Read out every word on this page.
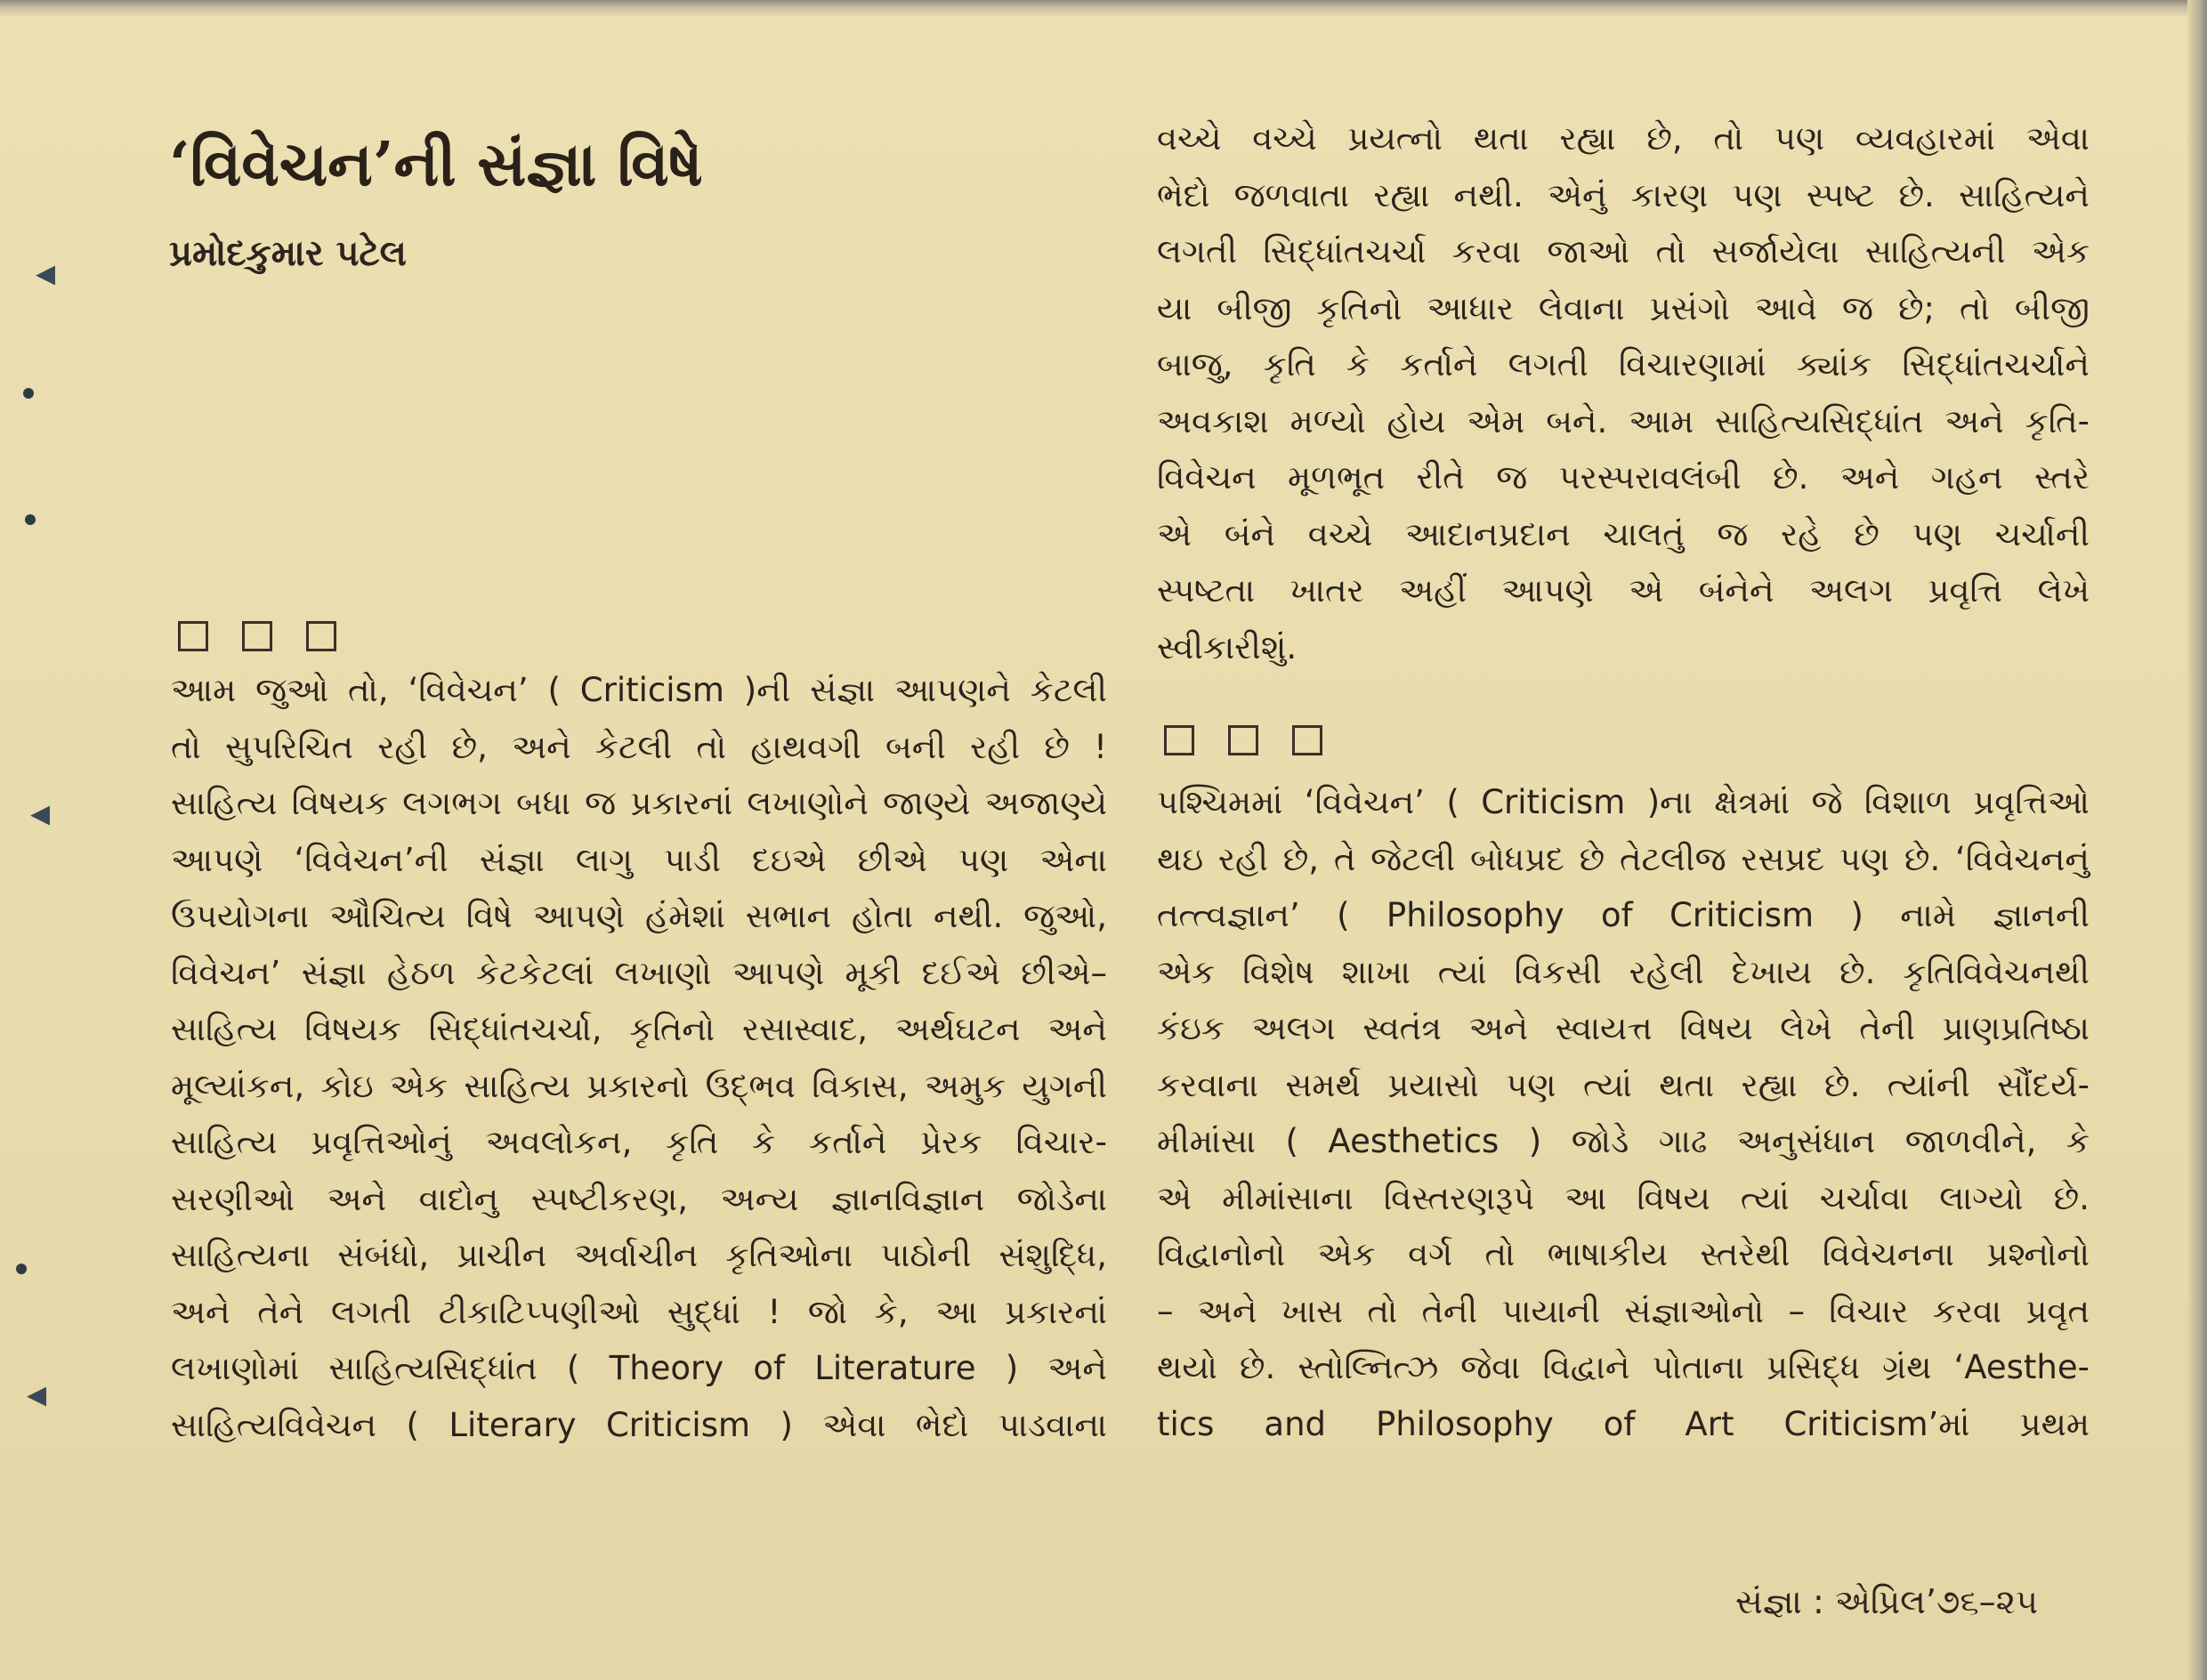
◂
◂
◂
‘વિવેચન’ની સંજ્ઞા વિષે
પ્રમોદકુમાર પટેલ
આમ જુઓ તો, ‘વિવેચન’ ( Criticism )ની સંજ્ઞા આપણને કેટલી
તો સુપરિચિત રહી છે, અને કેટલી તો હાથવગી બની રહી છે !
સાહિત્ય વિષયક લગભગ બધા જ પ્રકારનાં લખાણોને જાણ્યે અજાણ્યે
આપણે ‘વિવેચન’ની સંજ્ઞા લાગુ પાડી દઇએ છીએ પણ એના
ઉપયોગના ઔચિત્ય વિષે આપણે હંમેશાં સભાન હોતા નથી. જુઓ,
વિવેચન’ સંજ્ઞા હેઠળ કેટકેટલાં લખાણો આપણે મૂકી દઈએ છીએ–
સાહિત્ય વિષયક સિદ્ધાંતચર્ચા, કૃતિનો રસાસ્વાદ, અર્થઘટન અને
મૂલ્યાંકન, કોઇ એક સાહિત્ય પ્રકારનો ઉદ્ભવ વિકાસ, અમુક યુગની
સાહિત્ય પ્રવૃત્તિઓનું અવલોકન, કૃતિ કે કર્તાને પ્રેરક વિચાર-
સરણીઓ અને વાદોનુ સ્પષ્ટીકરણ, અન્ય જ્ઞાનવિજ્ઞાન જોડેના
સાહિત્યના સંબંધો, પ્રાચીન અર્વાચીન કૃતિઓના પાઠોની સંશુદ્ધિ,
અને તેને લગતી ટીકાટિપ્પણીઓ સુદ્ધાં ! જો કે, આ પ્રકારનાં
લખાણોમાં સાહિત્યસિદ્ધાંત ( Theory of Literature ) અને
સાહિત્યવિવેચન ( Literary Criticism ) એવા ભેદો પાડવાના
વચ્ચે વચ્ચે પ્રયત્નો થતા રહ્યા છે, તો પણ વ્યવહારમાં એવા
ભેદો જળવાતા રહ્યા નથી. એનું કારણ પણ સ્પષ્ટ છે. સાહિત્યને
લગતી સિદ્ધાંતચર્ચા કરવા જાઓ તો સર્જાયેલા સાહિત્યની એક
યા બીજી કૃતિનો આધાર લેવાના પ્રસંગો આવે જ છે; તો બીજી
બાજુ, કૃતિ કે કર્તાને લગતી વિચારણામાં ક્યાંક સિદ્ધાંતચર્ચાને
અવકાશ મળ્યો હોય એમ બને. આમ સાહિત્યસિદ્ધાંત અને કૃતિ-
વિવેચન મૂળભૂત રીતે જ પરસ્પરાવલંબી છે. અને ગહન સ્તરે
એ બંને વચ્ચે આદાનપ્રદાન ચાલતું જ રહે છે પણ ચર્ચાની
સ્પષ્ટતા ખાતર અહીં આપણે એ બંનેને અલગ પ્રવૃત્તિ લેખે
સ્વીકારીશું.
પશ્ચિમમાં ‘વિવેચન’ ( Criticism )ના ક્ષેત્રમાં જે વિશાળ પ્રવૃત્તિઓ
થઇ રહી છે, તે જેટલી બોધપ્રદ છે તેટલીજ રસપ્રદ પણ છે. ‘વિવેચનનું
તત્ત્વજ્ઞાન’ ( Philosophy of Criticism ) નામે જ્ઞાનની
એક વિશેષ શાખા ત્યાં વિકસી રહેલી દેખાય છે. કૃતિવિવેચનથી
કંઇક અલગ સ્વતંત્ર અને સ્વાયત્ત વિષય લેખે તેની પ્રાણપ્રતિષ્ઠા
કરવાના સમર્થ પ્રયાસો પણ ત્યાં થતા રહ્યા છે. ત્યાંની સૌંદર્ય-
મીમાંસા ( Aesthetics ) જોડે ગાઢ અનુસંધાન જાળવીને, કે
એ મીમાંસાના વિસ્તરણરૂપે આ વિષય ત્યાં ચર્ચાવા લાગ્યો છે.
વિદ્વાનોનો એક વર્ગ તો ભાષાકીય સ્તરેથી વિવેચનના પ્રશ્નોનો
– અને ખાસ તો તેની પાયાની સંજ્ઞાઓનો – વિચાર કરવા પ્રવૃત
થયો છે. સ્તોલ્નિત્ઝ જેવા વિદ્વાને પોતાના પ્રસિદ્ધ ગ્રંથ ‘Aesthe-
tics and Philosophy of Art Criticism’માં પ્રથમ
સંજ્ઞા : એપ્રિલ’૭૬–૨૫
